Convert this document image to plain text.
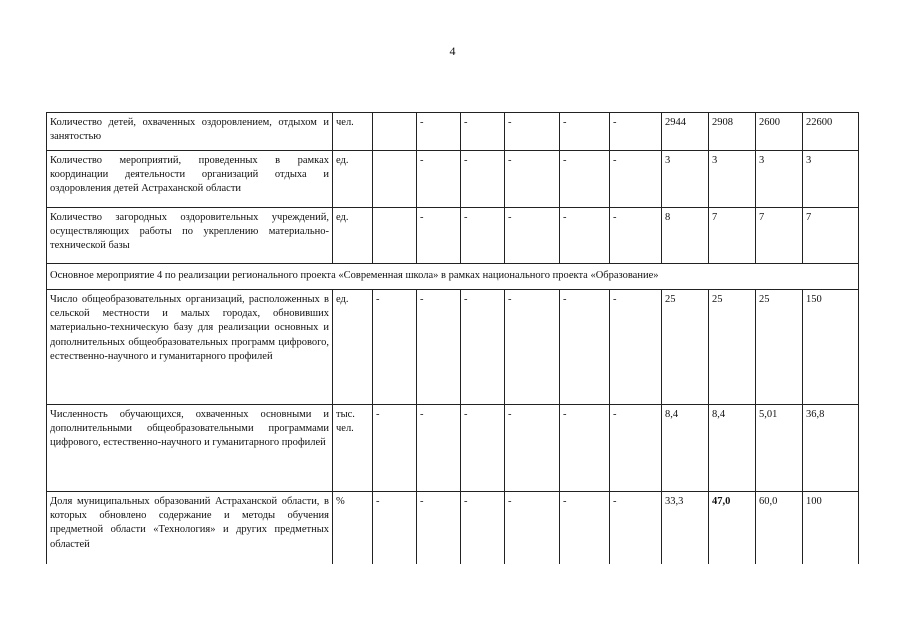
4
Количество детей, охваченных оздоровлением, отдыхом и занятостью	чел.		-	-	-	-	-	2944	2908	2600	22600
Количество мероприятий, проведенных в рамках координации деятельности организаций отдыха и оздоровления детей Астраханской области	ед.		-	-	-	-	-	3	3	3	3
Количество загородных оздоровительных учреждений, осуществляющих работы по укреплению материально-технической базы	ед.		-	-	-	-	-	8	7	7	7
Основное мероприятие 4 по реализации регионального проекта «Современная школа» в рамках национального проекта «Образование»											
Число общеобразовательных организаций, расположенных в сельской местности и малых городах, обновивших материально-техническую базу для реализации основных и дополнительных общеобразовательных программ цифрового, естественно-научного и гуманитарного профилей	ед.	-	-	-	-	-	-	25	25	25	150
Численность обучающихся, охваченных основными и дополнительными общеобразовательными программами цифрового, естественно-научного и гуманитарного профилей	тыс. чел.	-	-	-	-	-	-	8,4	8,4	5,01	36,8
Доля муниципальных образований Астраханской области, в которых обновлено содержание и методы обучения предметной области «Технология» и других предметных областей	%	-	-	-	-	-	-	33,3	47,0	60,0	100
